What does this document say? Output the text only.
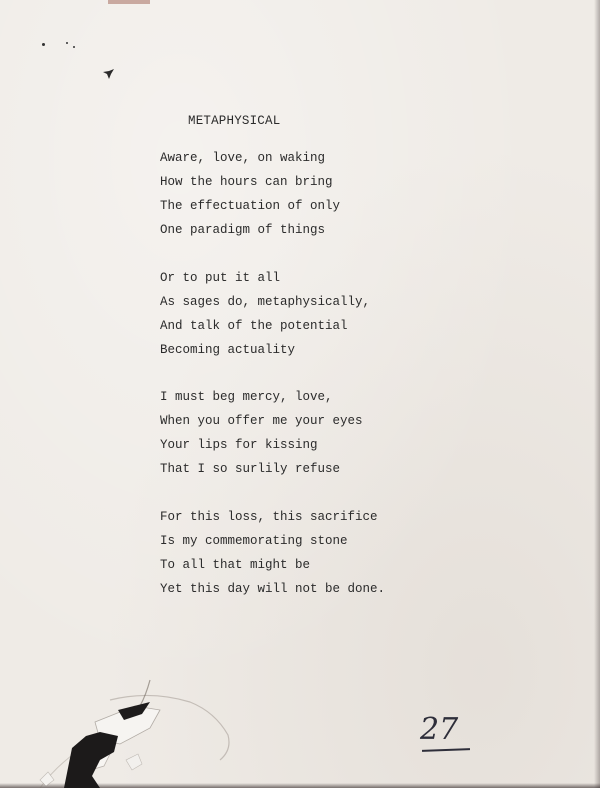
METAPHYSICAL
Aware, love, on waking
How the hours can bring
The effectuation of only
One paradigm of things
Or to put it all
As sages do, metaphysically,
And talk of the potential
Becoming actuality
I must beg mercy, love,
When you offer me your eyes
Your lips for kissing
That I so surlily refuse
For this loss, this sacrifice
Is my commemorating stone
To all that might be
Yet this day will not be done.
27
